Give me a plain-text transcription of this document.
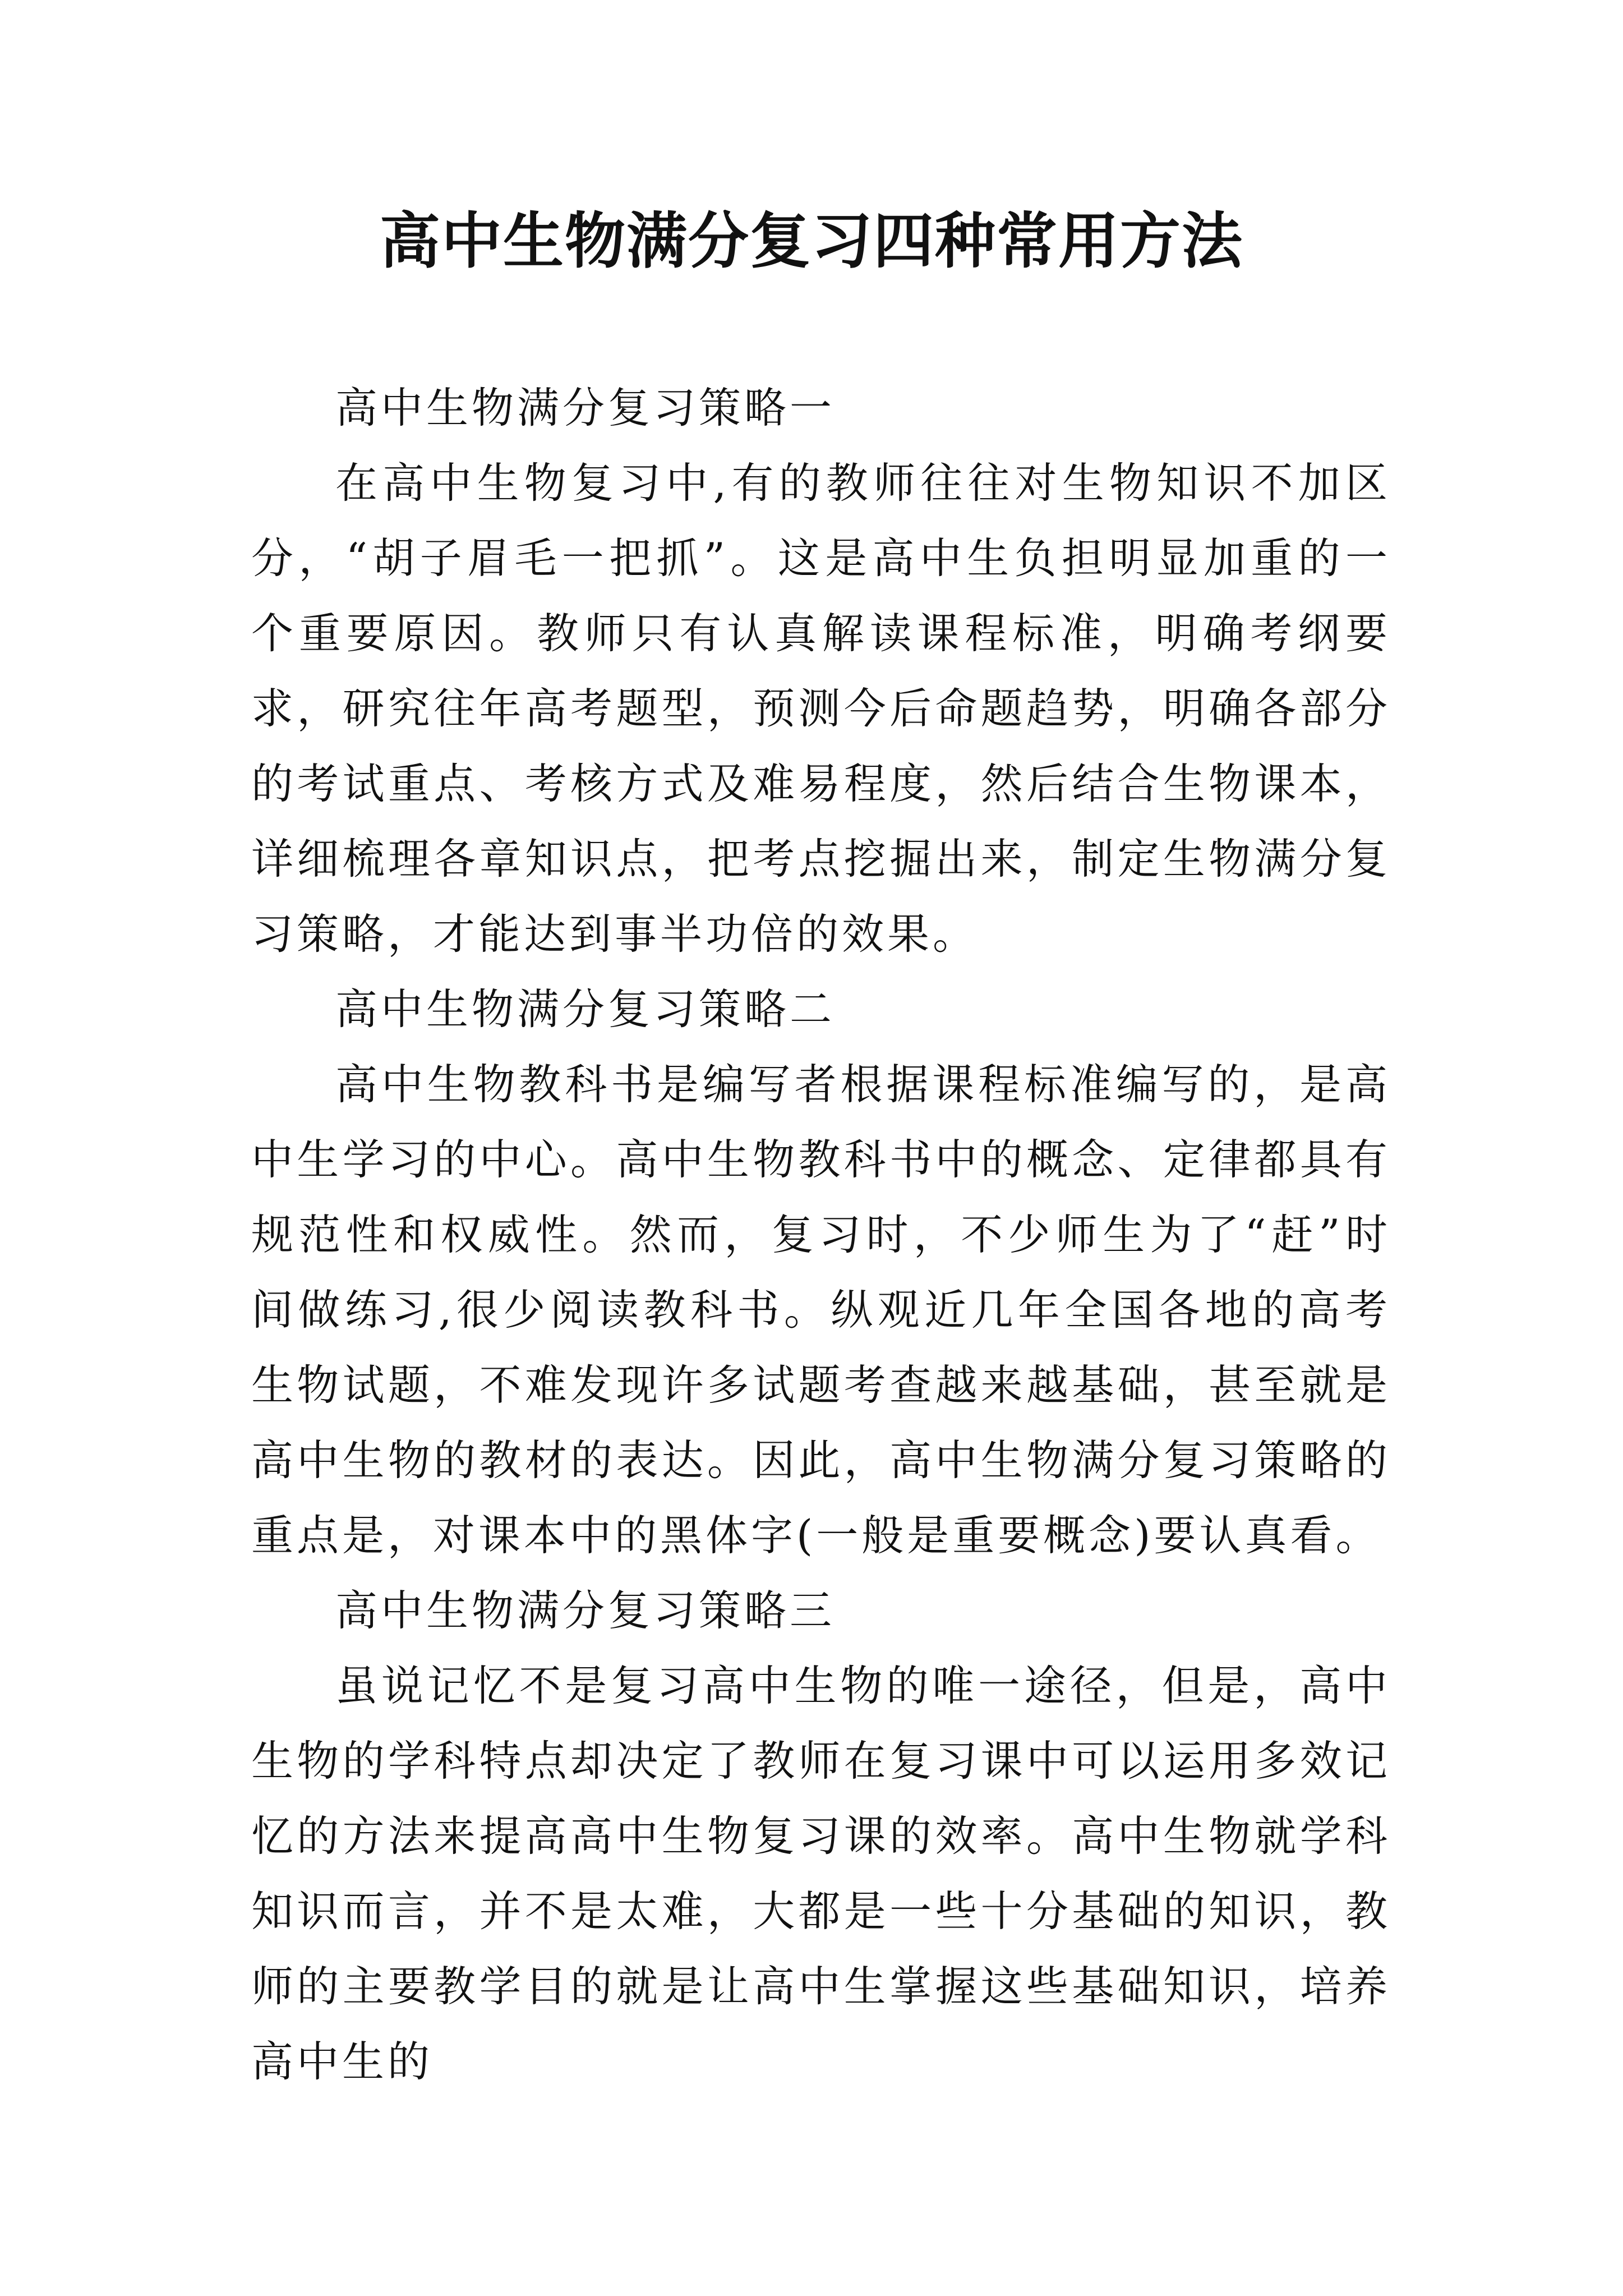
高中生物满分复习四种常用方法
高中生物满分复习策略一

在高中生物复习中,有的教师往往对生物知识不加区分，“胡子眉毛一把抓”。这是高中生负担明显加重的一个重要原因。教师只有认真解读课程标准，明确考纲要求，研究往年高考题型，预测今后命题趋势，明确各部分的考试重点、考核方式及难易程度，然后结合生物课本，详细梳理各章知识点，把考点挖掘出来，制定生物满分复习策略，才能达到事半功倍的效果。

高中生物满分复习策略二

高中生物教科书是编写者根据课程标准编写的，是高中生学习的中心。高中生物教科书中的概念、定律都具有规范性和权威性。然而，复习时，不少师生为了“赶”时间做练习,很少阅读教科书。纵观近几年全国各地的高考生物试题，不难发现许多试题考查越来越基础，甚至就是高中生物的教材的表达。因此，高中生物满分复习策略的重点是，对课本中的黑体字(一般是重要概念)要认真看。

高中生物满分复习策略三

虽说记忆不是复习高中生物的唯一途径，但是，高中生物的学科特点却决定了教师在复习课中可以运用多效记忆的方法来提高高中生物复习课的效率。高中生物就学科知识而言，并不是太难，大都是一些十分基础的知识，教师的主要教学目的就是让高中生掌握这些基础知识，培养高中生的
